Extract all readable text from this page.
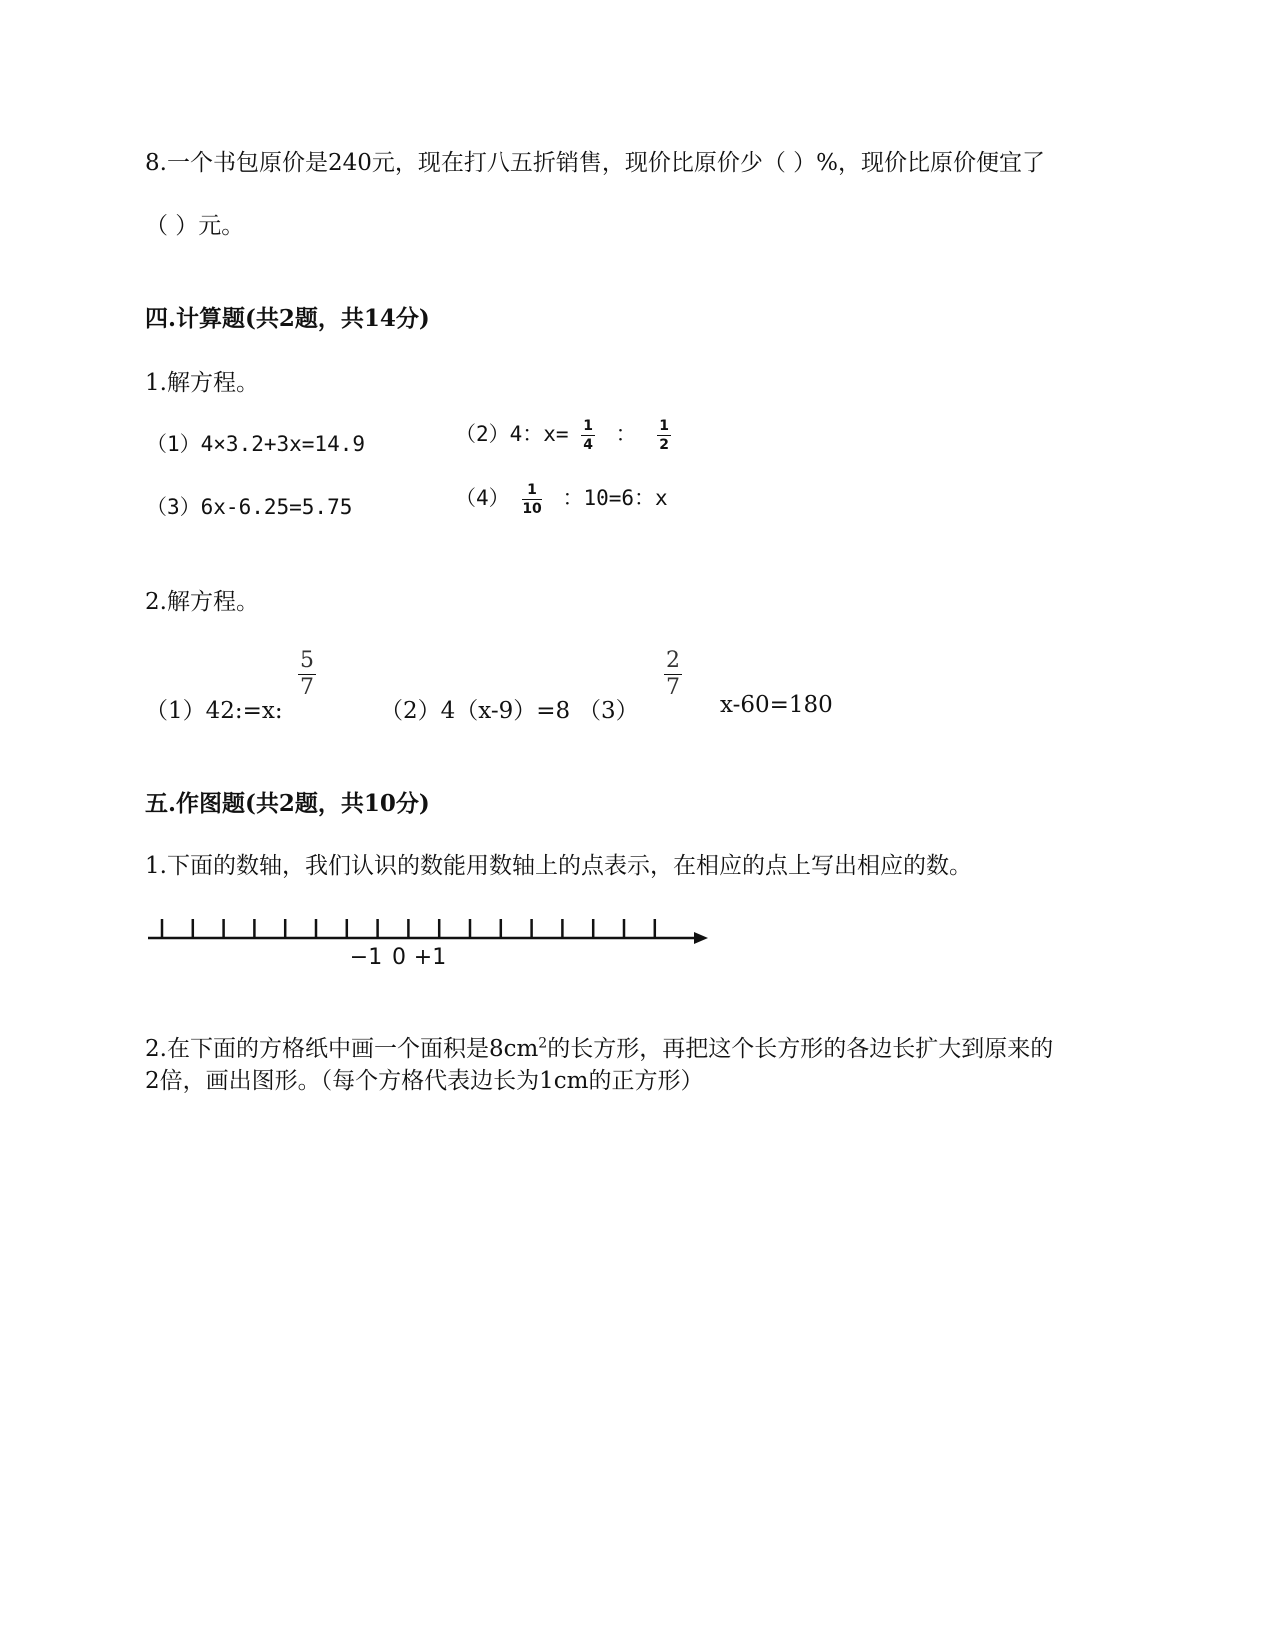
8.一个书包原价是240元，现在打八五折销售，现价比原价少（ ）%，现价比原价便宜了
（ ）元。
四.计算题(共2题，共14分)
1.解方程。
（1）4×3.2+3x=14.9	（2）4：$x= \frac{1}{4}$ ： $\frac{1}{2}$
（3）6x-6.25=5.75	$(4) \frac{1}{10}$ ：10=6：x
2.解方程。
（1）42:=x:
$\frac{5}{7}$
（2）4（x-9）=8 （3）
$\frac{2}{7}$
x-60=180
五.作图题(共2题，共10分)
1.下面的数轴，我们认识的数能用数轴上的点表示，在相应的点上写出相应的数。
−1 0 +1
2.在下面的方格纸中画一个面积是$8cm^2$的长方形，再把这个长方形的各边长扩大到原来的
2倍，画出图形。（每个方格代表边长为1cm的正方形）
